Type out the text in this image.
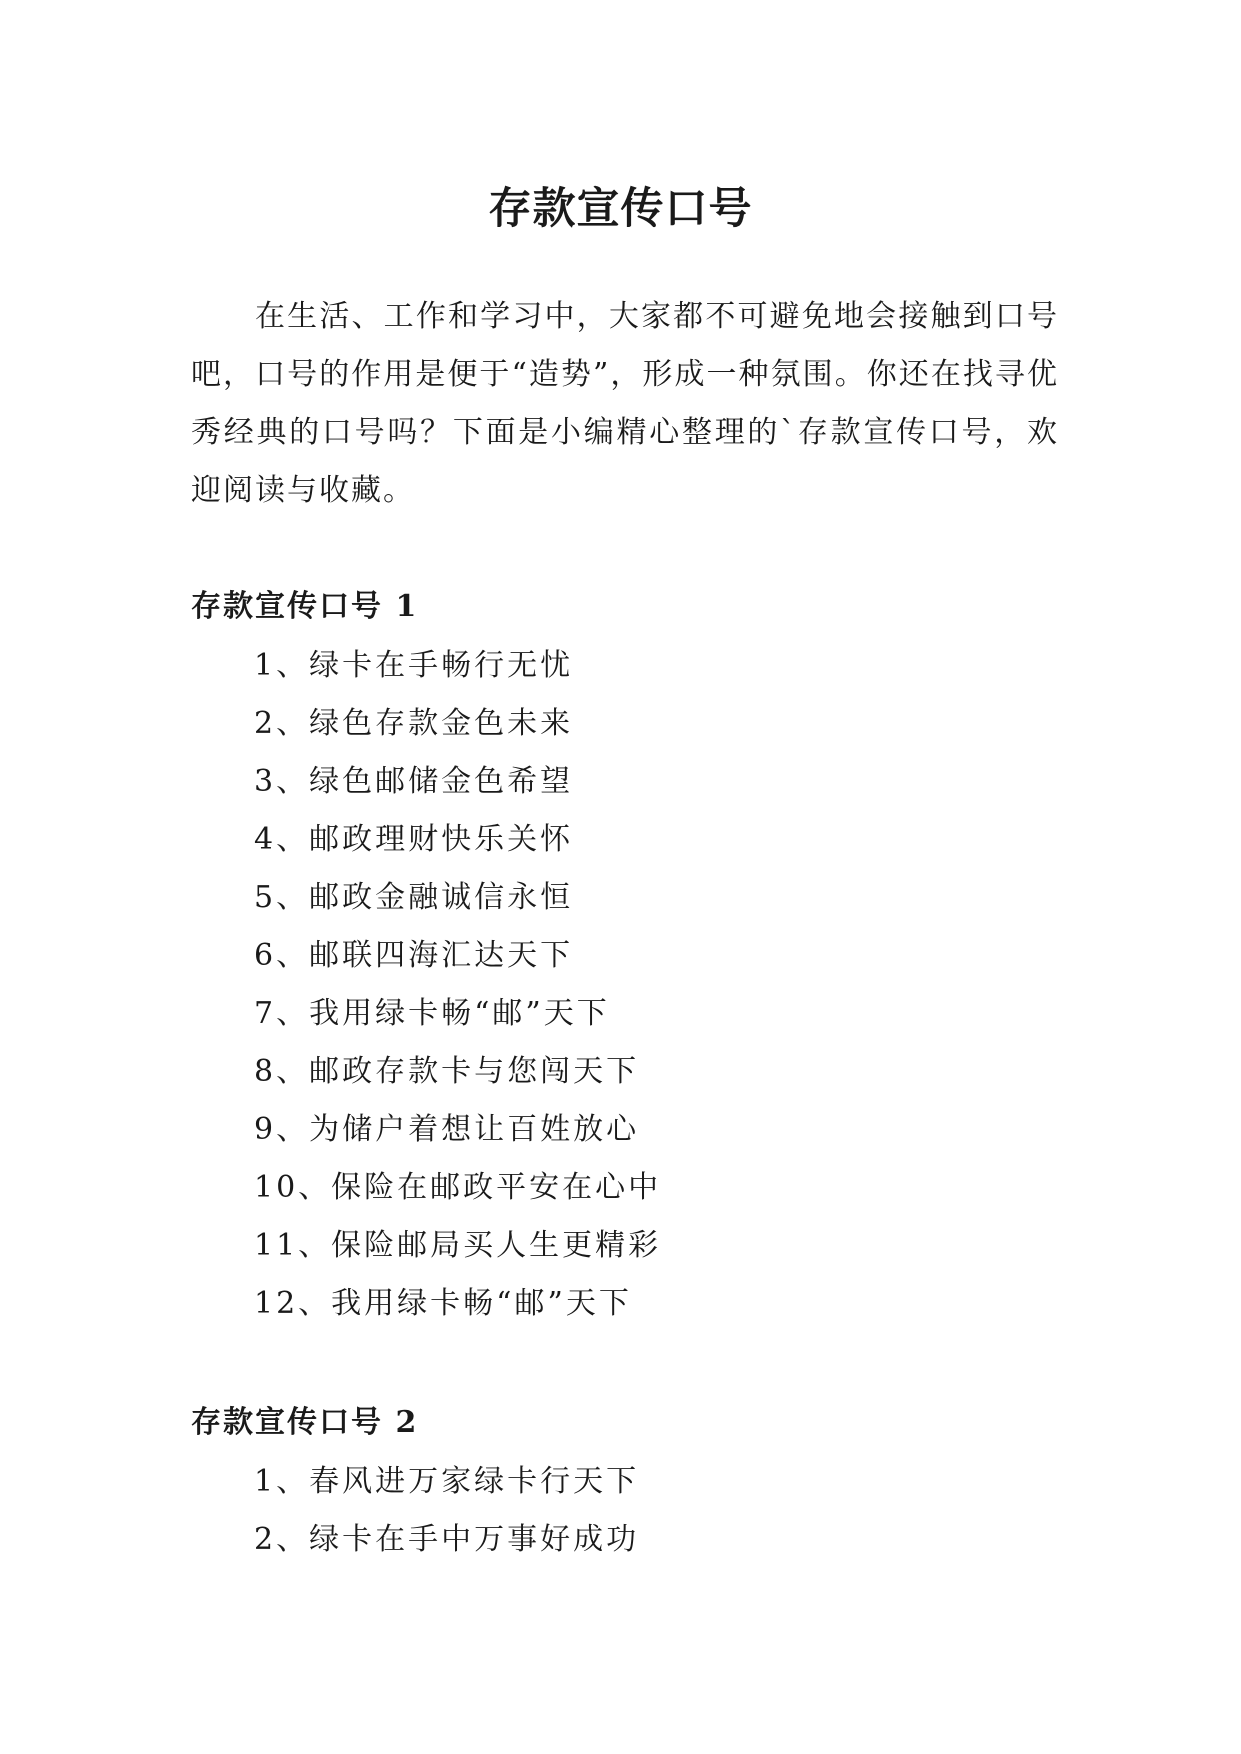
存款宣传口号

在生活、工作和学习中，大家都不可避免地会接触到口号吧，口号的作用是便于“造势”，形成一种氛围。你还在找寻优秀经典的口号吗？下面是小编精心整理的`存款宣传口号，欢迎阅读与收藏。

存款宣传口号 1
1、绿卡在手畅行无忧
2、绿色存款金色未来
3、绿色邮储金色希望
4、邮政理财快乐关怀
5、邮政金融诚信永恒
6、邮联四海汇达天下
7、我用绿卡畅“邮”天下
8、邮政存款卡与您闯天下
9、为储户着想让百姓放心
10、保险在邮政平安在心中
11、保险邮局买人生更精彩
12、我用绿卡畅“邮”天下
存款宣传口号 2
1、春风进万家绿卡行天下
2、绿卡在手中万事好成功
